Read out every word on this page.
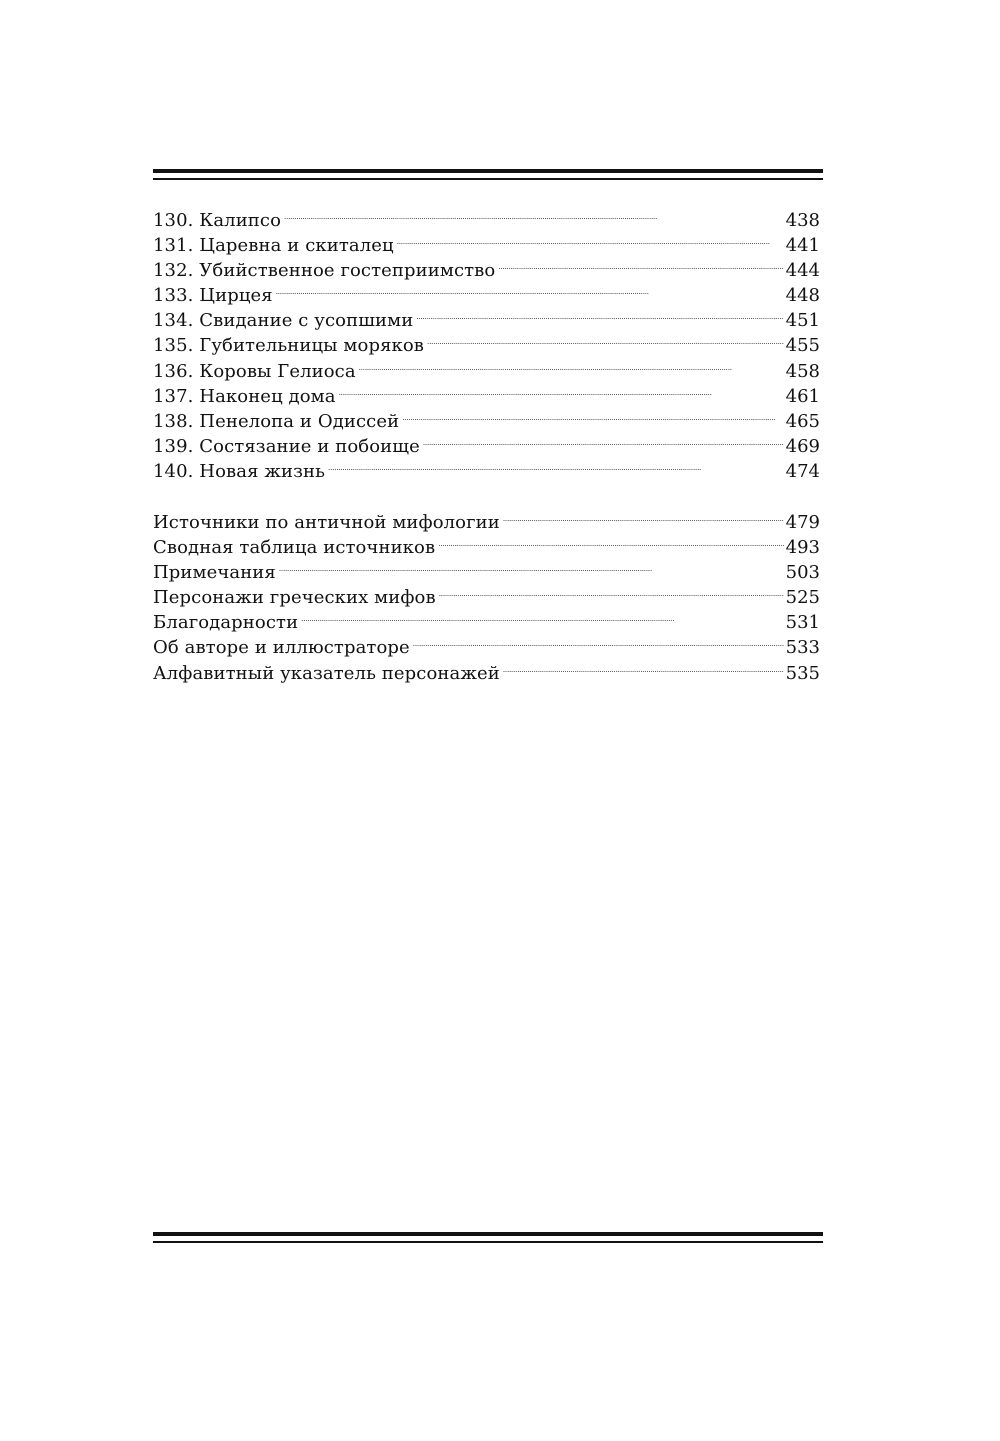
130. Калипсо . . .	438
131. Царевна и скиталец . . .	441
132. Убийственное гостеприимство . . .	444
133. Цирцея . . .	448
134. Свидание с усопшими . . .	451
135. Губительницы моряков . . .	455
136. Коровы Гелиоса . . .	458
137. Наконец дома . . .	461
138. Пенелопа и Одиссей . . .	465
139. Состязание и побоище . . .	469
140. Новая жизнь . . .	474
Источники по античной мифологии . . .	479
Сводная таблица источников . . .	493
Примечания . . .	503
Персонажи греческих мифов . . .	525
Благодарности . . .	531
Об авторе и иллюстраторе . . .	533
Алфавитный указатель персонажей . . .	535
